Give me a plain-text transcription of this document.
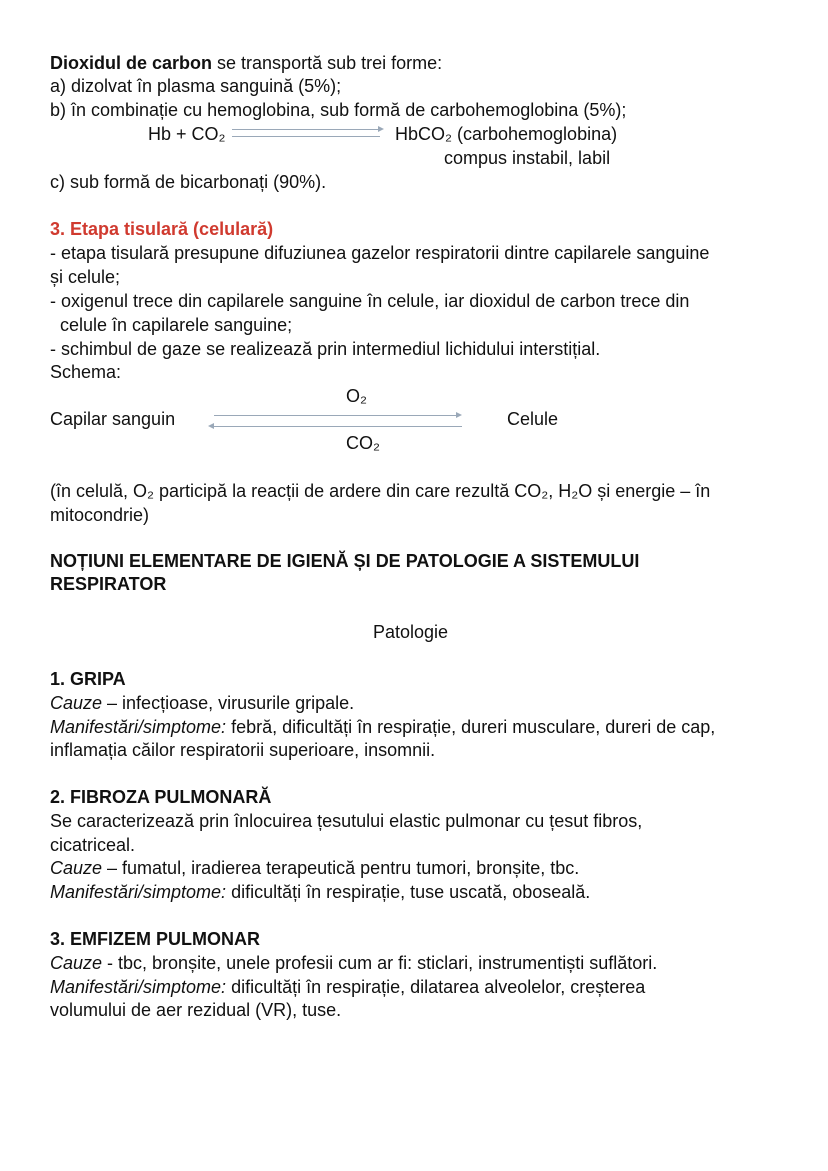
Dioxidul de carbon se transportă sub trei forme:
a) dizolvat în plasma sanguină (5%);
b) în combinație cu hemoglobina, sub formă de carbohemoglobina (5%);
Hb + CO₂	HbCO₂ (carbohemoglobina)
compus instabil, labil
c) sub formă de bicarbonați (90%).
3. Etapa tisulară (celulară)
- etapa tisulară presupune difuziunea gazelor respiratorii dintre capilarele sanguine
și celule;
- oxigenul trece din capilarele sanguine în celule, iar dioxidul de carbon trece din
celule în capilarele sanguine;
- schimbul de gaze se realizează prin intermediul lichidului interstițial.
Schema:
O₂
Capilar sanguin	Celule
CO₂
(în celulă, O₂ participă la reacții de ardere din care rezultă CO₂, H₂O și energie – în
mitocondrie)
NOȚIUNI ELEMENTARE DE IGIENĂ ȘI DE PATOLOGIE A SISTEMULUI
RESPIRATOR
Patologie
1. GRIPA
Cauze – infecțioase, virusurile gripale.
Manifestări/simptome: febră, dificultăți în respirație, dureri musculare, dureri de cap,
inflamația căilor respiratorii superioare, insomnii.
2. FIBROZA PULMONARĂ
Se caracterizează prin înlocuirea țesutului elastic pulmonar cu țesut fibros,
cicatriceal.
Cauze – fumatul, iradierea terapeutică pentru tumori, bronșite, tbc.
Manifestări/simptome: dificultăți în respirație, tuse uscată, oboseală.
3. EMFIZEM PULMONAR
Cauze - tbc, bronșite, unele profesii cum ar fi: sticlari, instrumentiști suflători.
Manifestări/simptome: dificultăți în respirație, dilatarea alveolelor, creșterea
volumului de aer rezidual (VR), tuse.
